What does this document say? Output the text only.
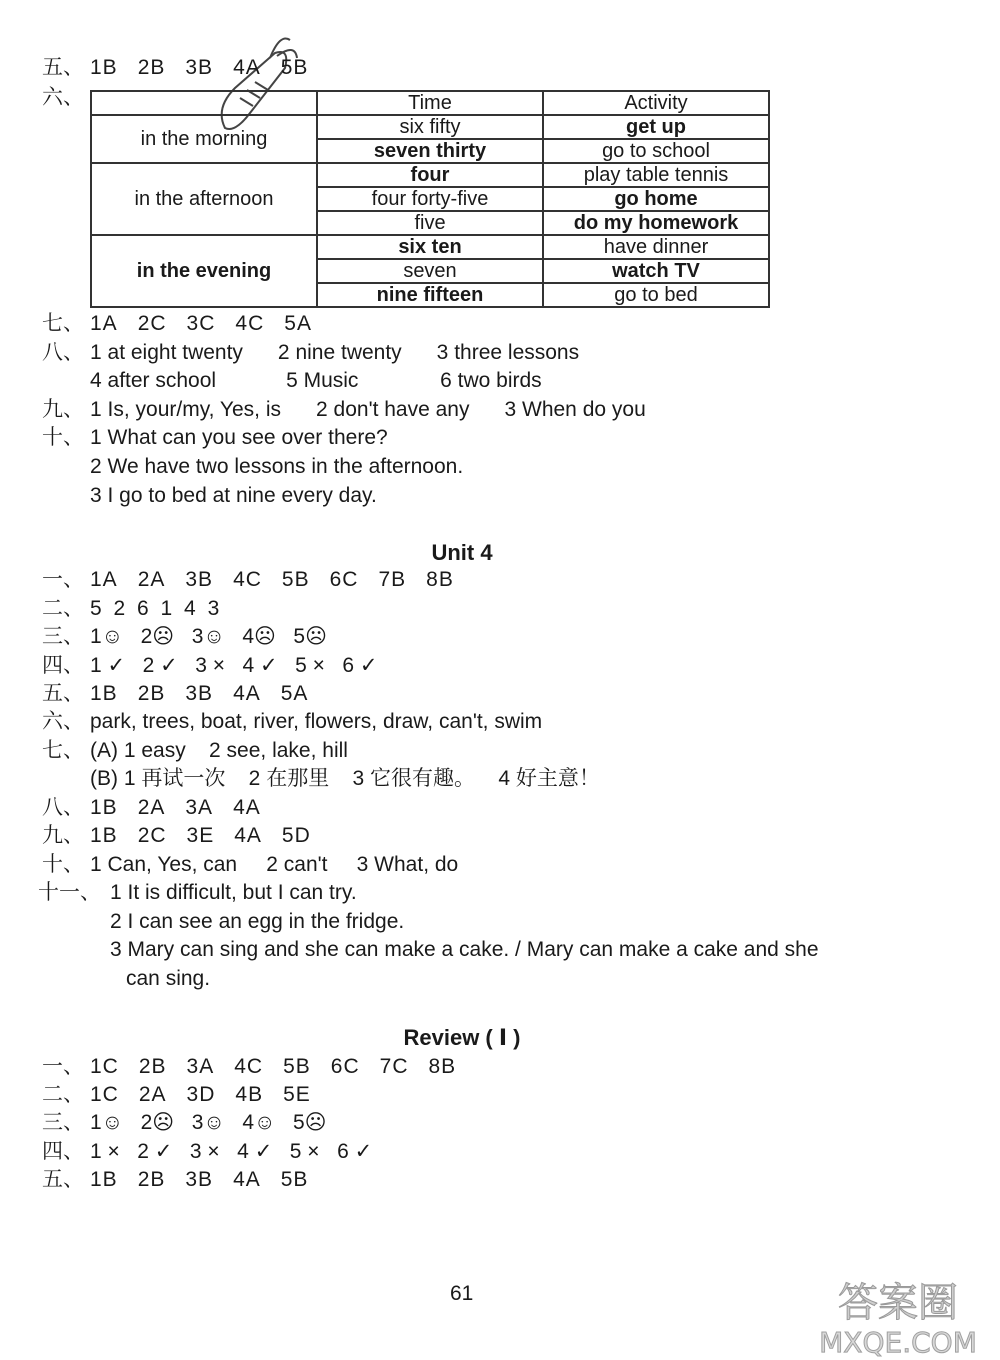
五、 1B 2B 3B 4A 5B
六、
		Time	Activity
in the morning	six fifty	get up
	seven thirty	go to school
in the afternoon	four	play table tennis
	four forty-five	go home
	five	do my homework
in the evening	six ten	have dinner
	seven	watch TV
	nine fifteen	go to bed
七、 1A 2C 3C 4C 5A
八、 1 at eight twenty      2 nine twenty      3 three lessons
4 after school            5 Music              6 two birds
九、 1 Is, your/my, Yes, is      2 don't have any      3 When do you
十、 1 What can you see over there?
2 We have two lessons in the afternoon.
3 I go to bed at nine every day.
Unit 4
一、 1A 2A 3B 4C 5B 6C 7B 8B
二、 5 2 6 1 4 3
三、 1☺   2☹   3☺   4☹   5☹
四、 1 ✓   2 ✓   3 ×   4 ✓   5 ×   6 ✓
五、 1B 2B 3B 4A 5A
六、 park, trees, boat, river, flowers, draw, can't, swim
七、 (A) 1 easy    2 see, lake, hill
(B) 1 再试一次    2 在那里    3 它很有趣。    4 好主意！
八、 1B 2A 3A 4A
九、 1B 2C 3E 4A 5D
十、 1 Can, Yes, can     2 can't     3 What, do
十一、 1 It is difficult, but I can try.
2 I can see an egg in the fridge.
3 Mary can sing and she can make a cake. / Mary can make a cake and she
can sing.
Review ( Ⅰ )
一、 1C 2B 3A 4C 5B 6C 7C 8B
二、 1C 2A 3D 4B 5E
三、 1☺   2☹   3☺   4☺   5☹
四、 1 ×   2 ✓   3 ×   4 ✓   5 ×   6 ✓
五、 1B 2B 3B 4A 5B
61	答案圈
MXQE.COM
